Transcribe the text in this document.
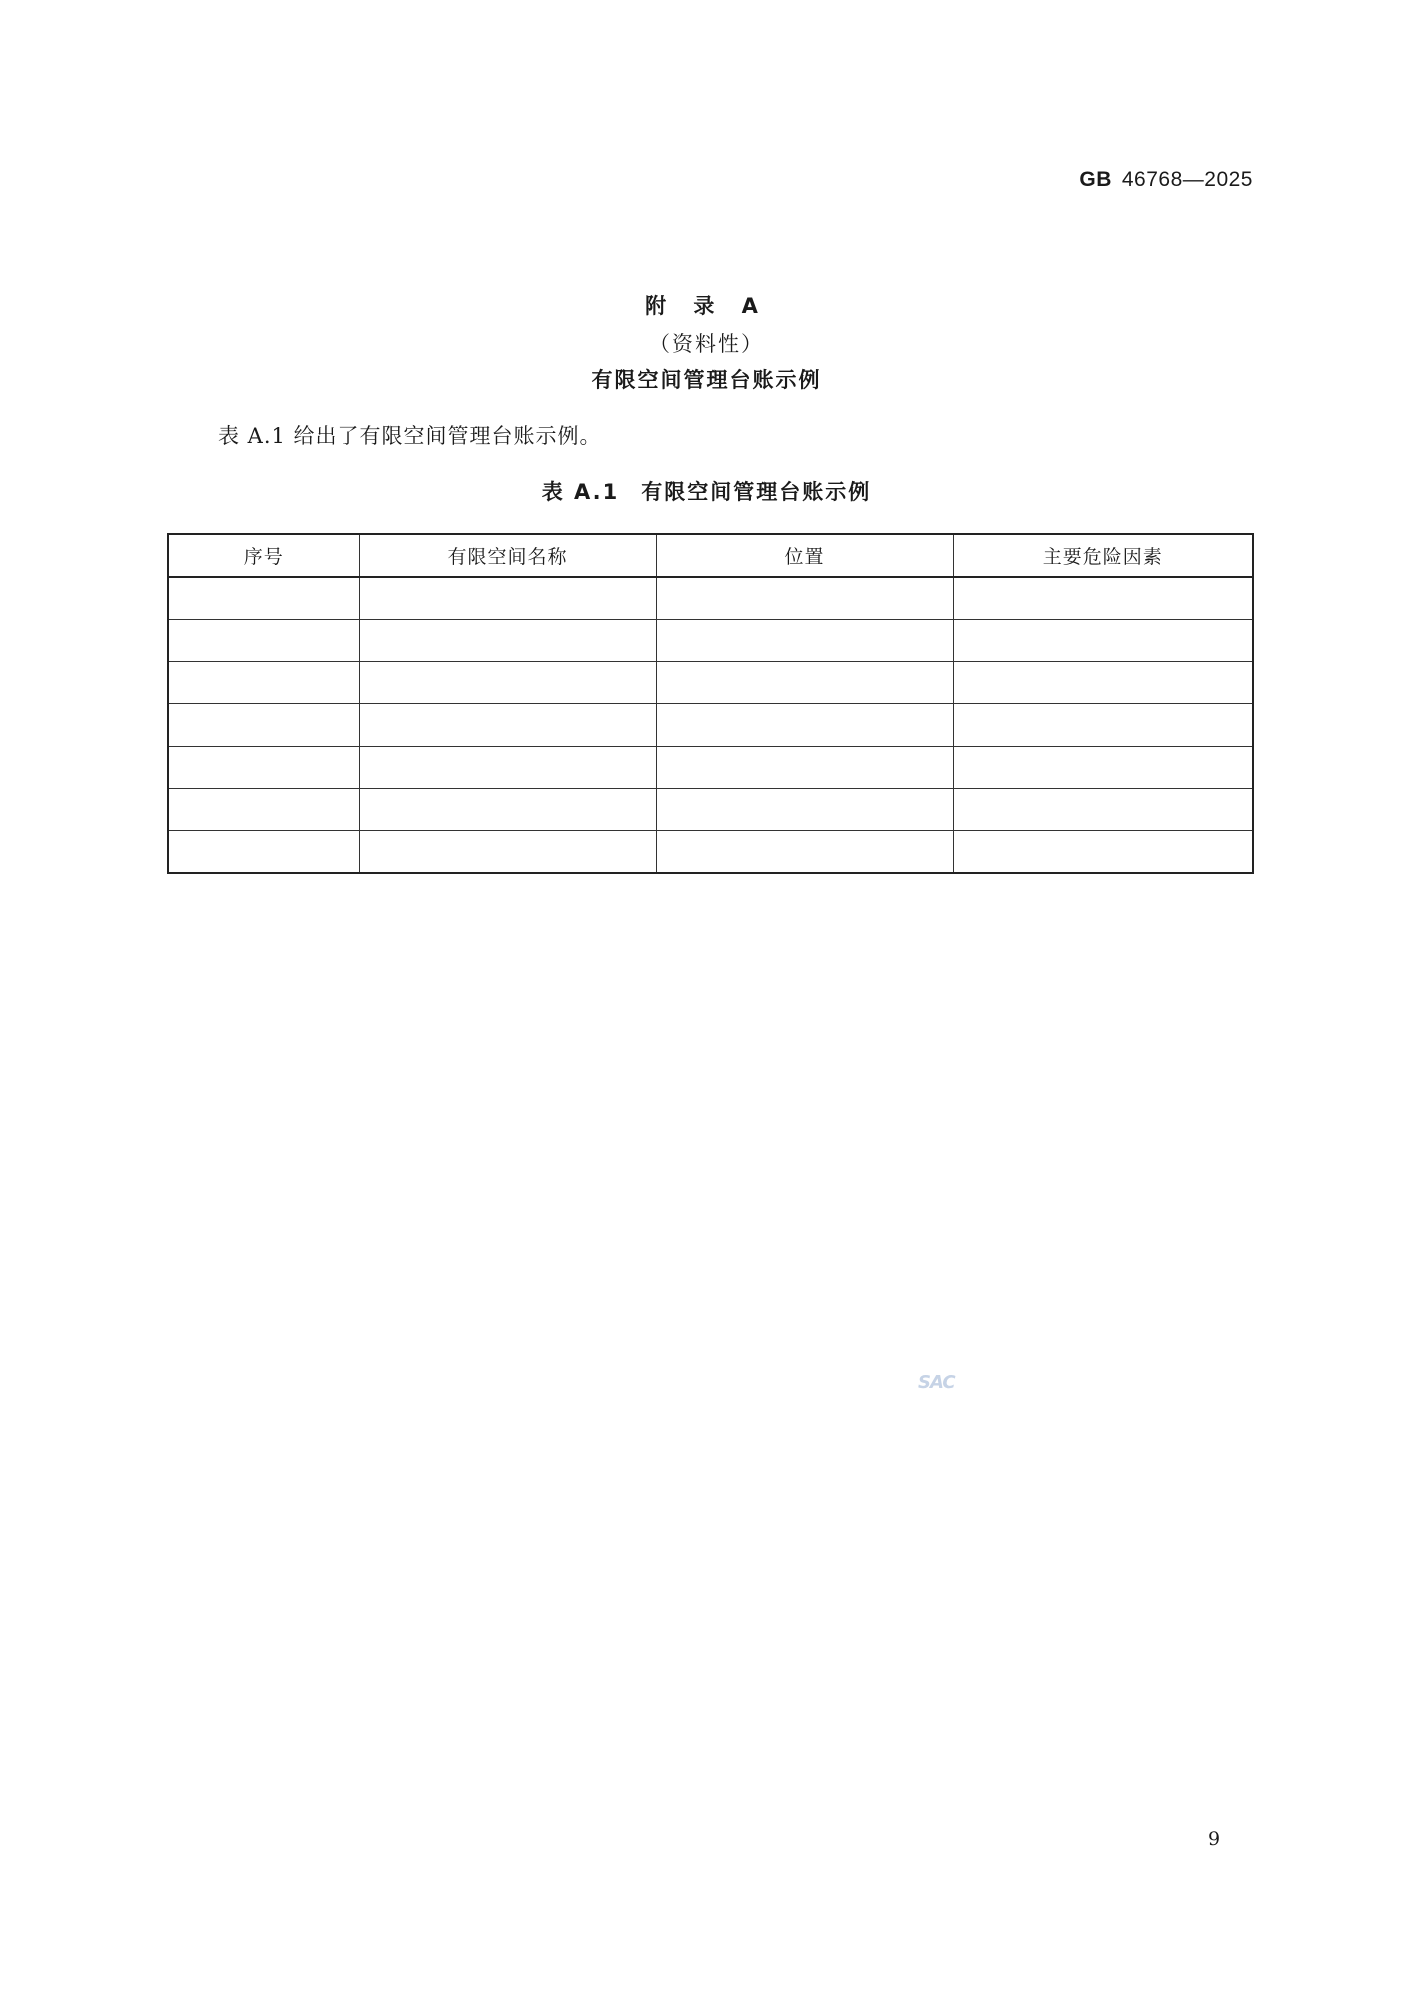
GB 46768—2025
附 录 A
（资料性）
有限空间管理台账示例
表 A.1 给出了有限空间管理台账示例。
表 A.1 有限空间管理台账示例
序号	有限空间名称	位置	主要危险因素

SAC
9
